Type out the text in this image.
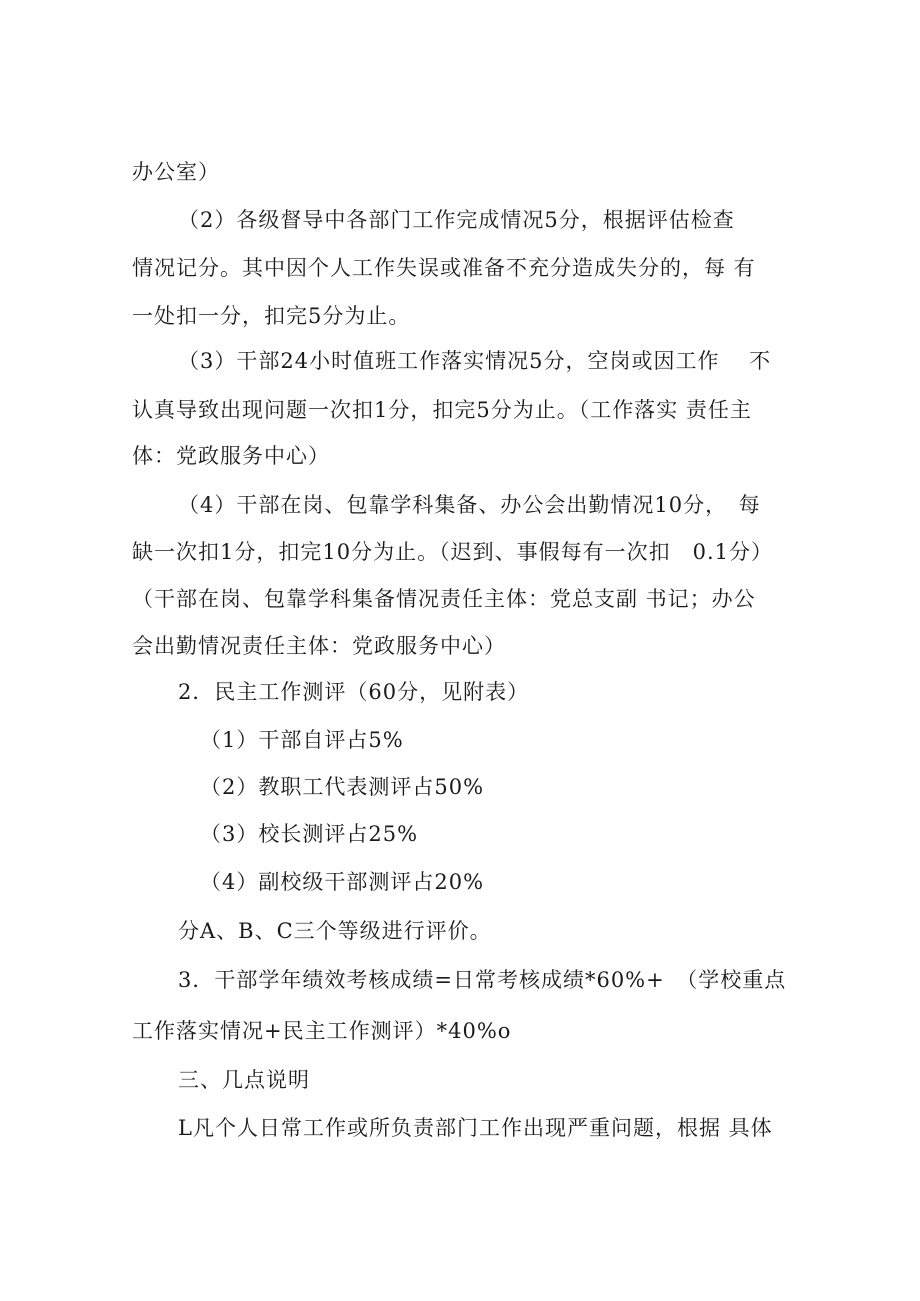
办公室）
（2）各级督导中各部门工作完成情况5分，根据评估检查
情况记分。其中因个人工作失误或准备不充分造成失分的，每 有
一处扣一分，扣完5分为止。
（3）干部24小时值班工作落实情况5分，空岗或因工作　 不
认真导致出现问题一次扣1分，扣完5分为止。（工作落实 责任主
体：党政服务中心）
（4）干部在岗、包靠学科集备、办公会出勤情况10分，　每
缺一次扣1分，扣完10分为止。（迟到、事假每有一次扣　0.1分）
（干部在岗、包靠学科集备情况责任主体：党总支副 书记；办公
会出勤情况责任主体：党政服务中心）
2．民主工作测评（60分，见附表）
（1）干部自评占5%
（2）教职工代表测评占50%
（3）校长测评占25%
（4）副校级干部测评占20%
分A、B、C三个等级进行评价。
3．干部学年绩效考核成绩=日常考核成绩*60%+　（学校重点
工作落实情况+民主工作测评）*40%o
三、几点说明
L凡个人日常工作或所负责部门工作出现严重问题，根据 具体
